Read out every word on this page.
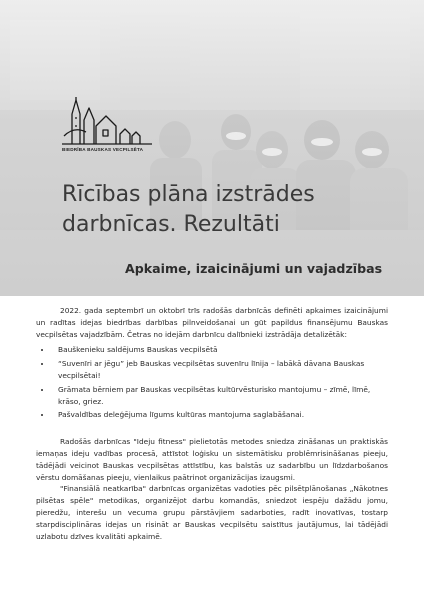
BIEDRĪBA BAUSKAS VECPILSĒTA
Rīcības plāna izstrādes darbnīcas. Rezultāti
Apkaime, izaicinājumi un vajadzības

2022. gada septembrī un oktobrī trīs radošās darbnīcās definēti apkaimes izaicinājumi un radītas idejas biedrības darbības pilnveidošanai un gūt papildus finansējumu Bauskas vecpilsētas vajadzībām. Četras no idejām darbnīcu dalībnieki izstrādāja detalizētāk:

• Bauškenieku saldējums Bauskas vecpilsētā
• “Suvenīri ar jēgu” jeb Bauskas vecpilsētas suvenīru līnija – labākā dāvana Bauskas vecpilsētai!
• Grāmata bērniem par Bauskas vecpilsētas kultūrvēsturisko mantojumu – zīmē, līmē, krāso, griez.
• Pašvaldības deleģējuma līgums kultūras mantojuma saglabāšanai.

Radošās darbnīcas "Ideju fitness" pielietotās metodes sniedza zināšanas un praktiskās iemaņas ideju vadības procesā, attīstot loģisku un sistemātisku problēmrisināšanas pieeju, tādējādi veicinot Bauskas vecpilsētas attīstību, kas balstās uz sadarbību un līdzdarbošanos vērstu domāšanas pieeju, vienlaikus paātrinot organizācijas izaugsmi.

"Finansiālā neatkarība" darbnīcas organizētas vadoties pēc pilsētplānošanas „Nākotnes pilsētas spēle" metodikas, organizējot darbu komandās, sniedzot iespēju dažādu jomu, pieredžu, interešu un vecuma grupu pārstāvjiem sadarboties, radīt inovatīvas, tostarp starpdisciplināras idejas un risināt ar Bauskas vecpilsētu saistītus jautājumus, lai tādējādi uzlabotu dzīves kvalitāti apkaimē.
